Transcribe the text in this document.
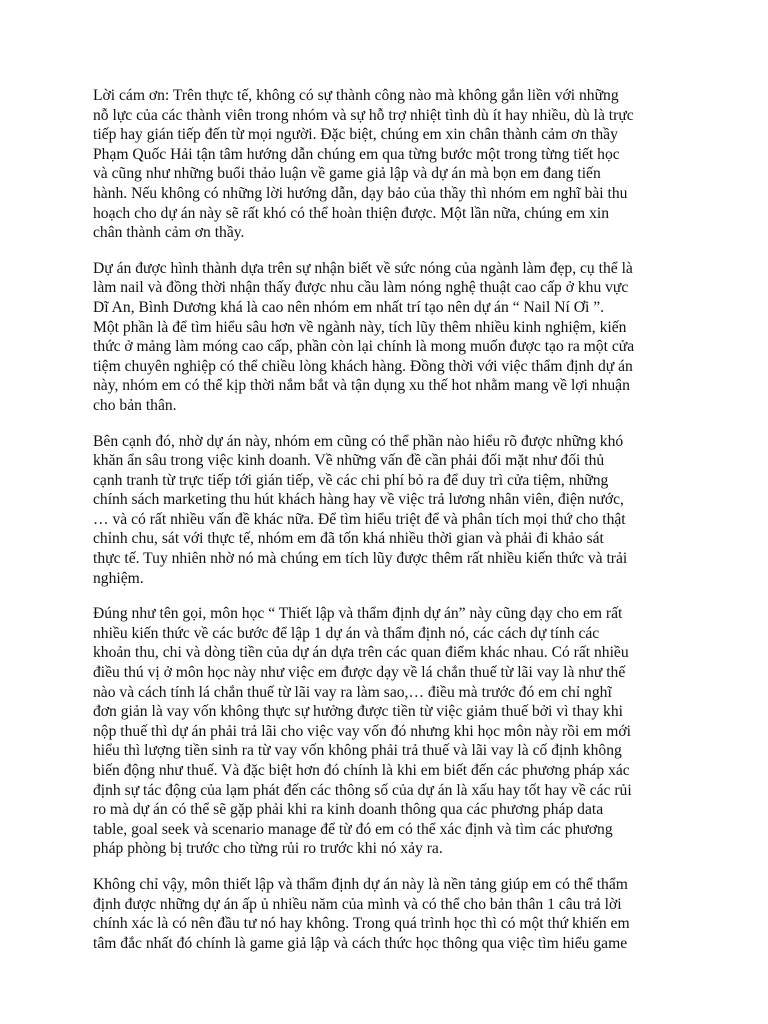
Lời cám ơn: Trên thực tế, không có sự thành công nào mà không gắn liền với những
nỗ lực của các thành viên trong nhóm và sự hỗ trợ nhiệt tình dù ít hay nhiều, dù là trực
tiếp hay gián tiếp đến từ mọi người. Đặc biệt, chúng em xin chân thành cảm ơn thầy
Phạm Quốc Hải tận tâm hướng dẫn chúng em qua từng bước một trong từng tiết học
và cũng như những buổi thảo luận về game giả lập và dự án mà bọn em đang tiến
hành. Nếu không có những lời hướng dẫn, dạy bảo của thầy thì nhóm em nghĩ bài thu
hoạch cho dự án này sẽ rất khó có thể hoàn thiện được. Một lần nữa, chúng em xin
chân thành cảm ơn thầy.
Dự án được hình thành dựa trên sự nhận biết về sức nóng của ngành làm đẹp, cụ thể là
làm nail và đồng thời nhận thấy được nhu cầu làm nóng nghệ thuật cao cấp ở khu vực
Dĩ An, Bình Dương khá là cao nên nhóm em nhất trí tạo nên dự án “ Nail Ní Ơi ”.
Một phần là để tìm hiểu sâu hơn về ngành này, tích lũy thêm nhiều kinh nghiệm, kiến
thức ở mảng làm móng cao cấp, phần còn lại chính là mong muốn được tạo ra một cửa
tiệm chuyên nghiệp có thể chiều lòng khách hàng. Đồng thời với việc thẩm định dự án
này, nhóm em có thể kịp thời nắm bắt và tận dụng xu thế hot nhằm mang về lợi nhuận
cho bản thân.
Bên cạnh đó, nhờ dự án này, nhóm em cũng có thể phần nào hiểu rõ được những khó
khăn ẩn sâu trong việc kinh doanh. Về những vấn đề cần phải đối mặt như đối thủ
cạnh tranh từ trực tiếp tới gián tiếp, về các chi phí bỏ ra để duy trì cửa tiệm, những
chính sách marketing thu hút khách hàng hay về việc trả lương nhân viên, điện nước,
… và có rất nhiều vấn đề khác nữa. Để tìm hiểu triệt để và phân tích mọi thứ cho thật
chỉnh chu, sát với thực tế, nhóm em đã tốn khá nhiều thời gian và phải đi khảo sát
thực tế. Tuy nhiên nhờ nó mà chúng em tích lũy được thêm rất nhiều kiến thức và trải
nghiệm.
Đúng như tên gọi, môn học “ Thiết lập và thẩm định dự án” này cũng dạy cho em rất
nhiều kiến thức về các bước để lập 1 dự án và thẩm định nó, các cách dự tính các
khoản thu, chi và dòng tiền của dự án dựa trên các quan điểm khác nhau. Có rất nhiều
điều thú vị ở môn học này như việc em được dạy về lá chắn thuế từ lãi vay là như thế
nào và cách tính lá chắn thuế từ lãi vay ra làm sao,… điều mà trước đó em chỉ nghĩ
đơn giản là vay vốn không thực sự hưởng được tiền từ việc giảm thuế bởi vì thay khi
nộp thuế thì dự án phải trả lãi cho việc vay vốn đó nhưng khi học môn này rồi em mới
hiểu thì lượng tiền sinh ra từ vay vốn không phải trả thuế và lãi vay là cố định không
biến động như thuế. Và đặc biệt hơn đó chính là khi em biết đến các phương pháp xác
định sự tác động của lạm phát đến các thông số của dự án là xấu hay tốt hay về các rủi
ro mà dự án có thể sẽ gặp phải khi ra kinh doanh thông qua các phương pháp data
table, goal seek và scenario manage để từ đó em có thể xác định và tìm các phương
pháp phòng bị trước cho từng rủi ro trước khi nó xảy ra.
Không chỉ vậy, môn thiết lập và thẩm định dự án này là nền tảng giúp em có thể thẩm
định được những dự án ấp ủ nhiều năm của mình và có thể cho bản thân 1 câu trả lời
chính xác là có nên đầu tư nó hay không. Trong quá trình học thì có một thứ khiến em
tâm đắc nhất đó chính là game giả lập và cách thức học thông qua việc tìm hiểu game
